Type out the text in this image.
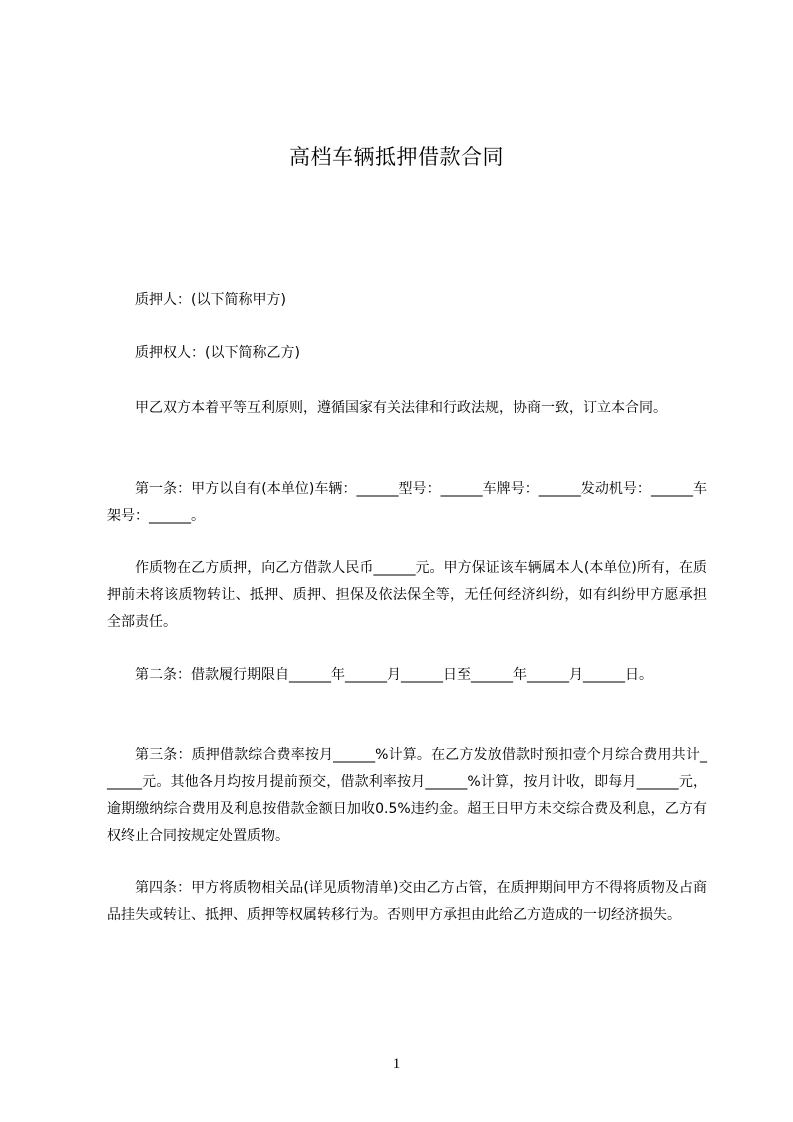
高档车辆抵押借款合同
质押人：(以下简称甲方)
质押权人：(以下简称乙方)
甲乙双方本着平等互利原则，遵循国家有关法律和行政法规，协商一致，订立本合同。
第一条：甲方以自有(本单位)车辆：______型号：______车牌号：______发动机号：______车架号：______。
作质物在乙方质押，向乙方借款人民币______元。甲方保证该车辆属本人(本单位)所有，在质押前未将该质物转让、抵押、质押、担保及依法保全等，无任何经济纠纷，如有纠纷甲方愿承担全部责任。
第二条：借款履行期限自______年______月______日至______年______月______日。
第三条：质押借款综合费率按月______%计算。在乙方发放借款时预扣壹个月综合费用共计______元。其他各月均按月提前预交，借款利率按月______%计算，按月计收，即每月______元，逾期缴纳综合费用及利息按借款金额日加收0.5%违约金。超王日甲方未交综合费及利息，乙方有权终止合同按规定处置质物。
第四条：甲方将质物相关品(详见质物清单)交由乙方占管，在质押期间甲方不得将质物及占商品挂失或转让、抵押、质押等权属转移行为。否则甲方承担由此给乙方造成的一切经济损失。
1
